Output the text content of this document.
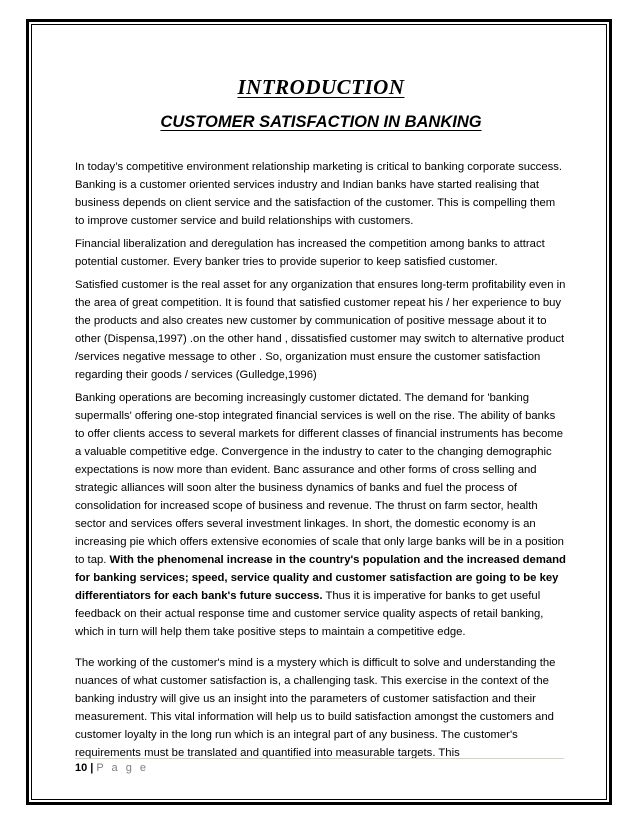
INTRODUCTION
CUSTOMER SATISFACTION IN BANKING

In today’s competitive environment relationship marketing is critical to banking corporate success. Banking is a customer oriented services industry and Indian banks have started realising that business depends on client service and the satisfaction of the customer. This is compelling them to improve customer service and build relationships with customers.

Financial liberalization and deregulation has increased the competition among banks to attract potential customer. Every banker tries to provide superior to keep satisfied customer.

Satisfied customer is the real asset for any organization that ensures long-term profitability even in the area of great competition. It is found that satisfied customer repeat his / her experience to buy the products and also creates new customer by communication of positive message about it to other (Dispensa,1997) .on the other hand , dissatisfied customer may switch to alternative product /services negative message to other . So, organization must ensure the customer satisfaction regarding their goods / services (Gulledge,1996)

Banking operations are becoming increasingly customer dictated. The demand for 'banking supermalls' offering one-stop integrated financial services is well on the rise. The ability of banks to offer clients access to several markets for different classes of financial instruments has become a valuable competitive edge. Convergence in the industry to cater to the changing demographic expectations is now more than evident. Banc assurance and other forms of cross selling and strategic alliances will soon alter the business dynamics of banks and fuel the process of consolidation for increased scope of business and revenue. The thrust on farm sector, health sector and services offers several investment linkages. In short, the domestic economy is an increasing pie which offers extensive economies of scale that only large banks will be in a position to tap. With the phenomenal increase in the country's population and the increased demand for banking services; speed, service quality and customer satisfaction are going to be key differentiators for each bank's future success. Thus it is imperative for banks to get useful feedback on their actual response time and customer service quality aspects of retail banking, which in turn will help them take positive steps to maintain a competitive edge.

The working of the customer's mind is a mystery which is difficult to solve and understanding the nuances of what customer satisfaction is, a challenging task. This exercise in the context of the banking industry will give us an insight into the parameters of customer satisfaction and their measurement. This vital information will help us to build satisfaction amongst the customers and customer loyalty in the long run which is an integral part of any business. The customer's requirements must be translated and quantified into measurable targets. This

10 | P a g e
